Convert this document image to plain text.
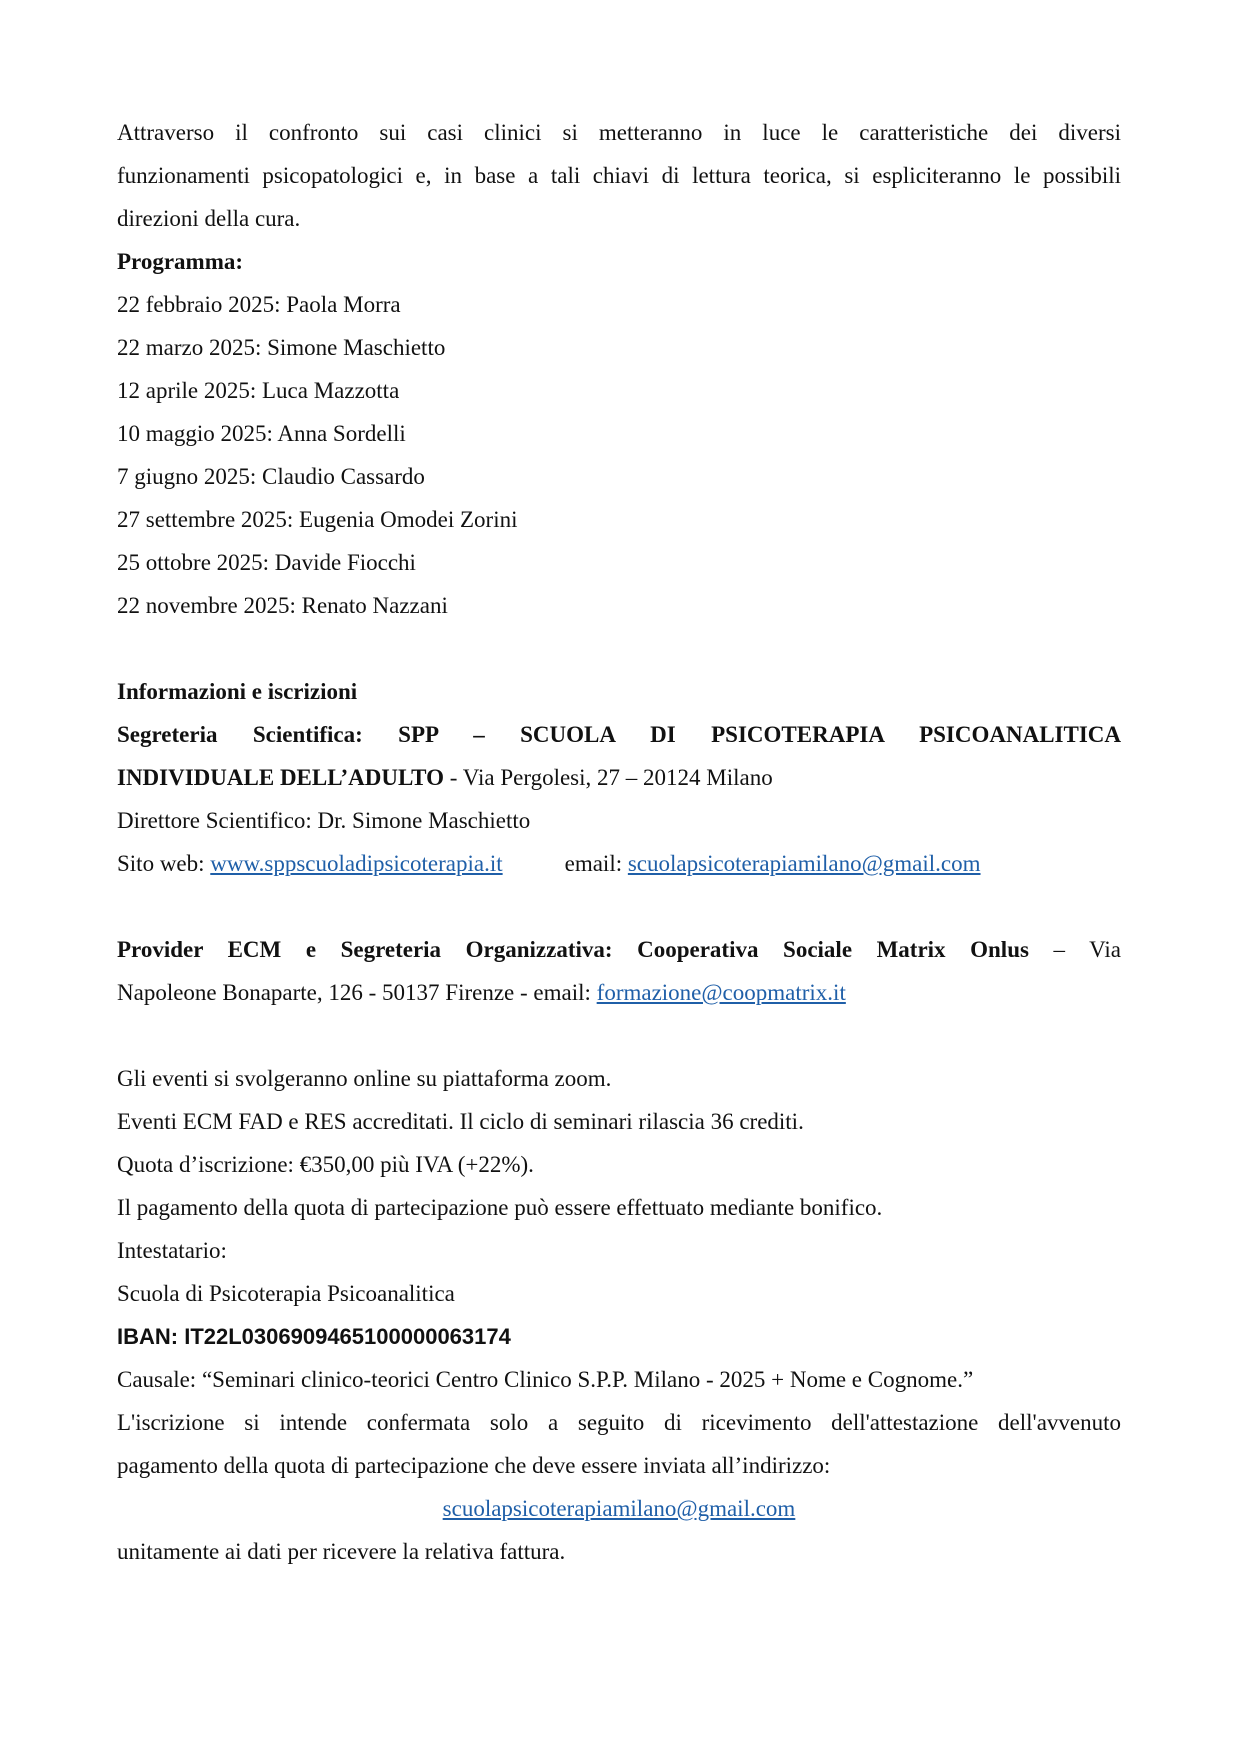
Attraverso il confronto sui casi clinici si metteranno in luce le caratteristiche dei diversi
funzionamenti psicopatologici e, in base a tali chiavi di lettura teorica, si espliciteranno le possibili
direzioni della cura.
Programma:
22 febbraio 2025: Paola Morra
22 marzo 2025: Simone Maschietto
12 aprile 2025: Luca Mazzotta
10 maggio 2025: Anna Sordelli
7 giugno 2025: Claudio Cassardo
27 settembre 2025: Eugenia Omodei Zorini
25 ottobre 2025: Davide Fiocchi
22 novembre 2025: Renato Nazzani
Informazioni e iscrizioni
Segreteria Scientifica: SPP – SCUOLA DI PSICOTERAPIA PSICOANALITICA
INDIVIDUALE DELL’ADULTO - Via Pergolesi, 27 – 20124 Milano
Direttore Scientifico: Dr. Simone Maschietto
Sito web: www.sppscuoladipsicoterapia.it	email: scuolapsicoterapiamilano@gmail.com
Provider ECM e Segreteria Organizzativa: Cooperativa Sociale Matrix Onlus – Via
Napoleone Bonaparte, 126 - 50137 Firenze - email: formazione@coopmatrix.it
Gli eventi si svolgeranno online su piattaforma zoom.
Eventi ECM FAD e RES accreditati. Il ciclo di seminari rilascia 36 crediti.
Quota d’iscrizione: €350,00 più IVA (+22%).
Il pagamento della quota di partecipazione può essere effettuato mediante bonifico.
Intestatario:
Scuola di Psicoterapia Psicoanalitica
IBAN: IT22L0306909465100000063174
Causale: “Seminari clinico-teorici Centro Clinico S.P.P. Milano - 2025 + Nome e Cognome.”
L'iscrizione si intende confermata solo a seguito di ricevimento dell'attestazione dell'avvenuto
pagamento della quota di partecipazione che deve essere inviata all’indirizzo:
scuolapsicoterapiamilano@gmail.com
unitamente ai dati per ricevere la relativa fattura.
